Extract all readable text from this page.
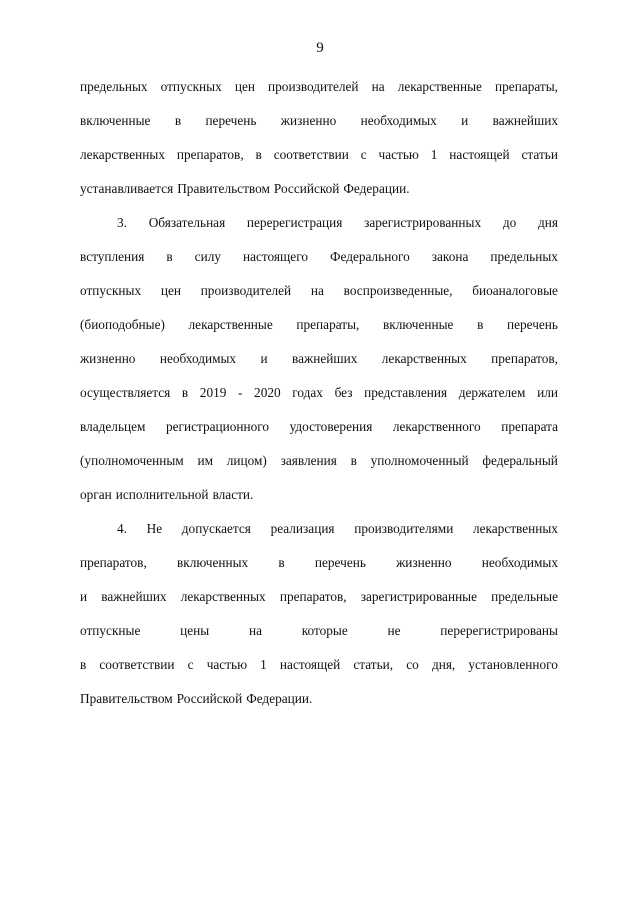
9
предельных отпускных цен производителей на лекарственные препараты,
включенные в перечень жизненно необходимых и важнейших
лекарственных препаратов, в соответствии с частью 1 настоящей статьи
устанавливается Правительством Российской Федерации.
3. Обязательная перерегистрация зарегистрированных до дня
вступления в силу настоящего Федерального закона предельных
отпускных цен производителей на воспроизведенные, биоаналоговые
(биоподобные) лекарственные препараты, включенные в перечень
жизненно необходимых и важнейших лекарственных препаратов,
осуществляется в 2019 - 2020 годах без представления держателем или
владельцем регистрационного удостоверения лекарственного препарата
(уполномоченным им лицом) заявления в уполномоченный федеральный
орган исполнительной власти.
4. Не допускается реализация производителями лекарственных
препаратов, включенных в перечень жизненно необходимых
и важнейших лекарственных препаратов, зарегистрированные предельные
отпускные	цены	на	которые	не	перерегистрированы
в соответствии с частью 1 настоящей статьи, со дня, установленного
Правительством Российской Федерации.
